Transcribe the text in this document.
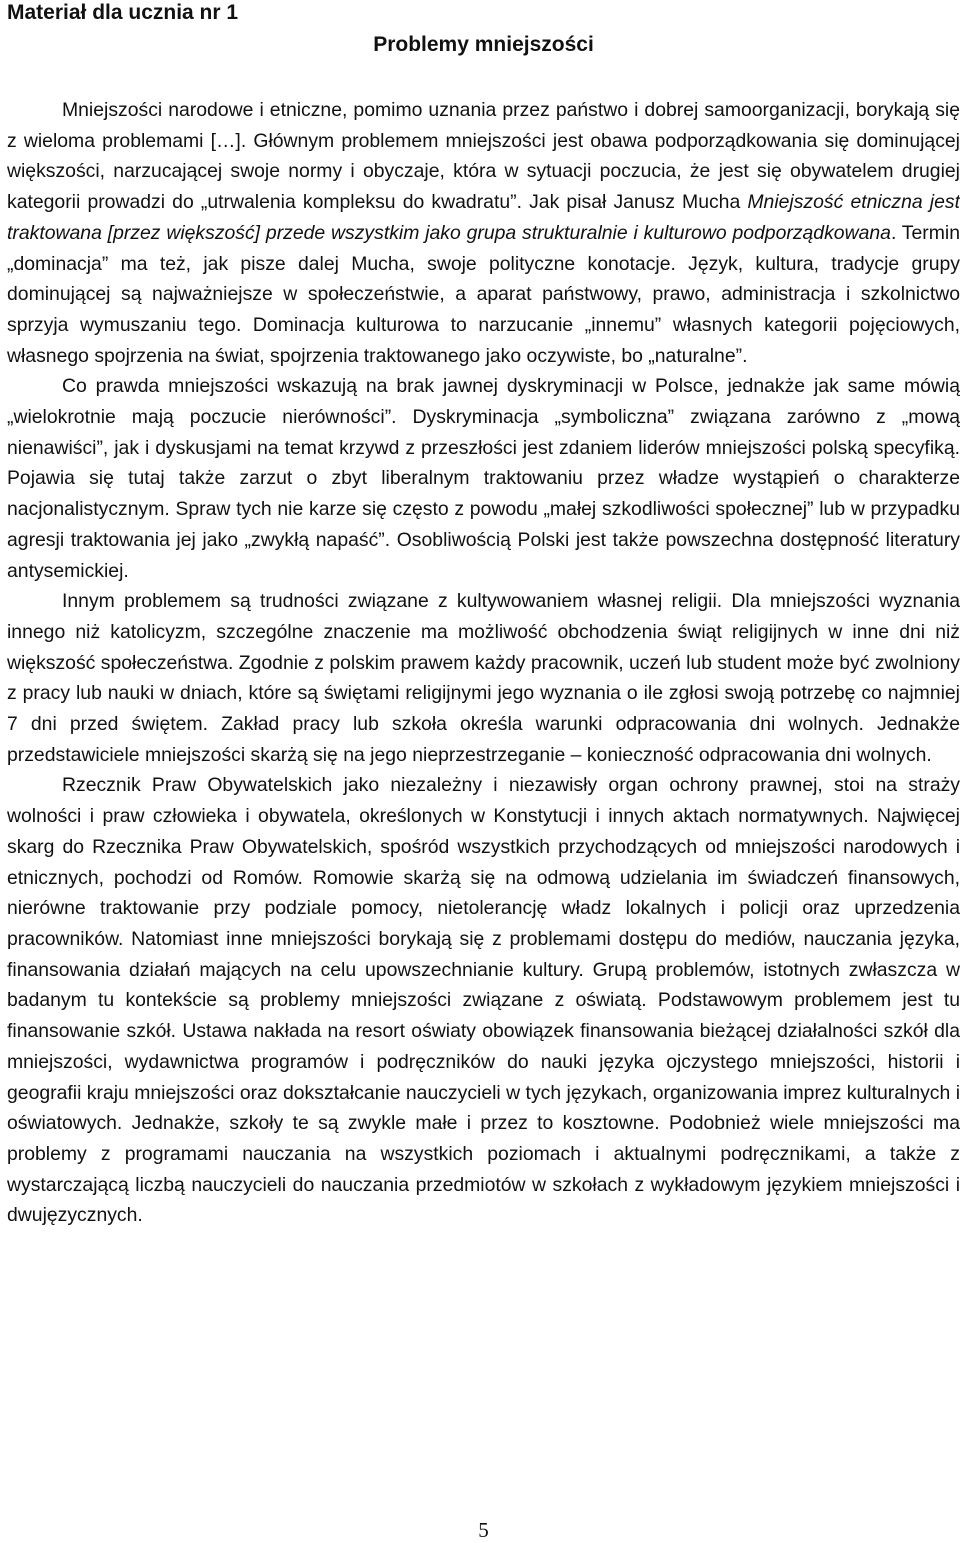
Materiał dla ucznia nr 1
Problemy mniejszości

Mniejszości narodowe i etniczne, pomimo uznania przez państwo i dobrej samoorganizacji, borykają się z wieloma problemami […]. Głównym problemem mniejszości jest obawa podporządkowania się dominującej większości, narzucającej swoje normy i obyczaje, która w sytuacji poczucia, że jest się obywatelem drugiej kategorii prowadzi do „utrwalenia kompleksu do kwadratu”. Jak pisał Janusz Mucha Mniejszość etniczna jest traktowana [przez większość] przede wszystkim jako grupa strukturalnie i kulturowo podporządkowana. Termin „dominacja” ma też, jak pisze dalej Mucha, swoje polityczne konotacje. Język, kultura, tradycje grupy dominującej są najważniejsze w społeczeństwie, a aparat państwowy, prawo, administracja i szkolnictwo sprzyja wymuszaniu tego. Dominacja kulturowa to narzucanie „innemu” własnych kategorii pojęciowych, własnego spojrzenia na świat, spojrzenia traktowanego jako oczywiste, bo „naturalne”.

Co prawda mniejszości wskazują na brak jawnej dyskryminacji w Polsce, jednakże jak same mówią „wielokrotnie mają poczucie nierówności”. Dyskryminacja „symboliczna” związana zarówno z „mową nienawiści”, jak i dyskusjami na temat krzywd z przeszłości jest zdaniem liderów mniejszości polską specyfiką. Pojawia się tutaj także zarzut o zbyt liberalnym traktowaniu przez władze wystąpień o charakterze nacjonalistycznym. Spraw tych nie karze się często z powodu „małej szkodliwości społecznej” lub w przypadku agresji traktowania jej jako „zwykłą napaść”. Osobliwością Polski jest także powszechna dostępność literatury antysemickiej.

Innym problemem są trudności związane z kultywowaniem własnej religii. Dla mniejszości wyznania innego niż katolicyzm, szczególne znaczenie ma możliwość obchodzenia świąt religijnych w inne dni niż większość społeczeństwa. Zgodnie z polskim prawem każdy pracownik, uczeń lub student może być zwolniony z pracy lub nauki w dniach, które są świętami religijnymi jego wyznania o ile zgłosi swoją potrzebę co najmniej 7 dni przed świętem. Zakład pracy lub szkoła określa warunki odpracowania dni wolnych. Jednakże przedstawiciele mniejszości skarżą się na jego nieprzestrzeganie – konieczność odpracowania dni wolnych.

Rzecznik Praw Obywatelskich jako niezależny i niezawisły organ ochrony prawnej, stoi na straży wolności i praw człowieka i obywatela, określonych w Konstytucji i innych aktach normatywnych. Najwięcej skarg do Rzecznika Praw Obywatelskich, spośród wszystkich przychodzących od mniejszości narodowych i etnicznych, pochodzi od Romów. Romowie skarżą się na odmową udzielania im świadczeń finansowych, nierówne traktowanie przy podziale pomocy, nietolerancję władz lokalnych i policji oraz uprzedzenia pracowników. Natomiast inne mniejszości borykają się z problemami dostępu do mediów, nauczania języka, finansowania działań mających na celu upowszechnianie kultury. Grupą problemów, istotnych zwłaszcza w badanym tu kontekście są problemy mniejszości związane z oświatą. Podstawowym problemem jest tu finansowanie szkół. Ustawa nakłada na resort oświaty obowiązek finansowania bieżącej działalności szkół dla mniejszości, wydawnictwa programów i podręczników do nauki języka ojczystego mniejszości, historii i geografii kraju mniejszości oraz dokształcanie nauczycieli w tych językach, organizowania imprez kulturalnych i oświatowych. Jednakże, szkoły te są zwykle małe i przez to kosztowne. Podobnież wiele mniejszości ma problemy z programami nauczania na wszystkich poziomach i aktualnymi podręcznikami, a także z wystarczającą liczbą nauczycieli do nauczania przedmiotów w szkołach z wykładowym językiem mniejszości i dwujęzycznych.

5
